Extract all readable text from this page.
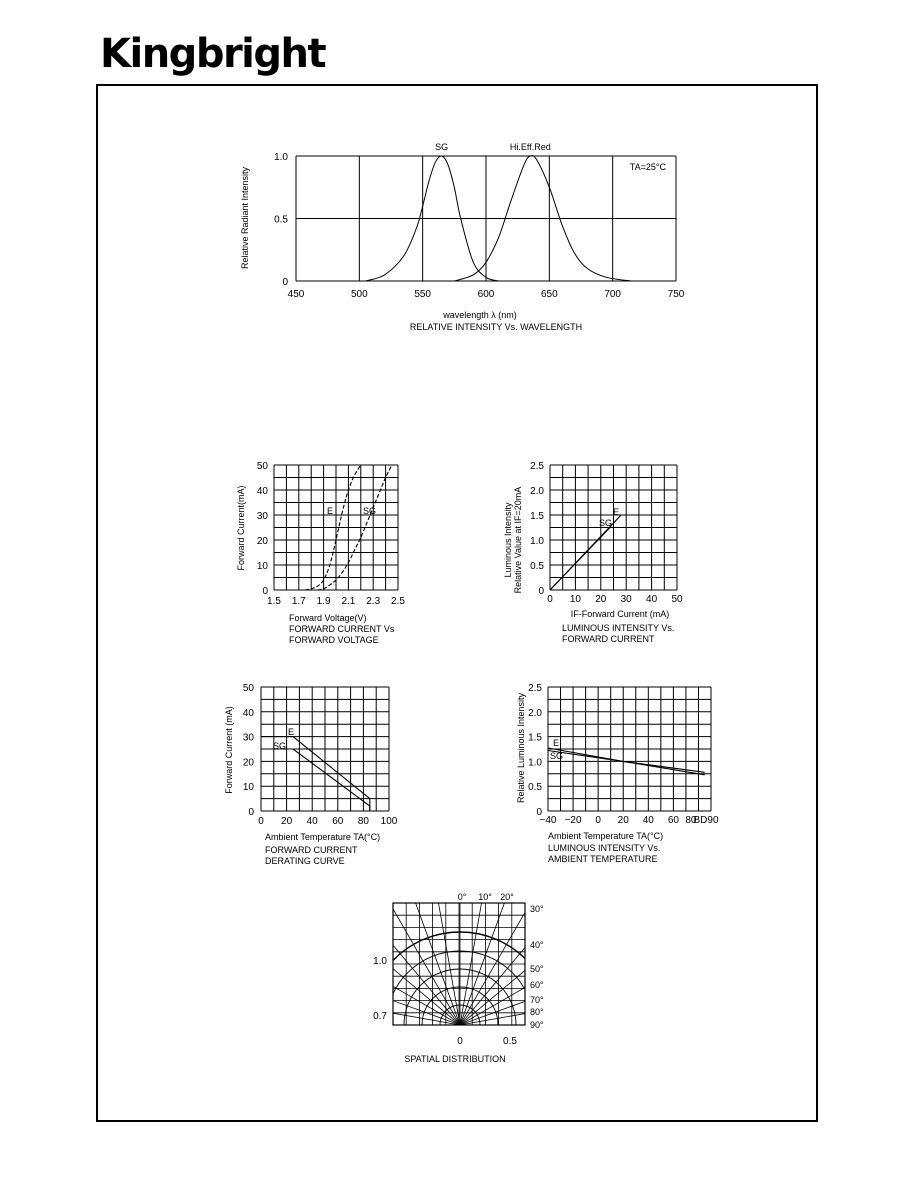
Kingbright
450	500	550	600	650	700	750
0
0.5
1.0
Relative Radiant Intensity
wavelength λ (nm)
RELATIVE INTENSITY Vs. WAVELENGTH
TA=25°C
SG	Hi.Eff.Red
1.5 1.7 1.9 2.1 2.3 2.5
0
10
20
30
40
50
Forward Current(mA)
Forward Voltage(V)
FORWARD CURRENT Vs
FORWARD VOLTAGE
E	SG
0 10 20 30 40 50
0
0.5
1.0
1.5
2.0
2.5
Luminous Intensity Relative Value at IF=20mA
IF-Forward Current (mA)
LUMINOUS INTENSITY Vs.
FORWARD CURRENT
E
SG
0 20 40 60 80 100
0
10
20
30
40
50
Forward Current (mA)
Ambient Temperature TA(°C)
FORWARD CURRENT
DERATING CURVE
E
SG
−40 −20 0 20 40 60 80
BD90
0
0.5
1.0
1.5
2.0
2.5
Relative Luminous Intensity
Ambient Temperature TA(°C)
LUMINOUS INTENSITY Vs.
AMBIENT TEMPERATURE
E
SG
0° 10° 20°
30°
40°
50°
60°
70°
80°
90°
1.0
0.7
0	0.5
SPATIAL DISTRIBUTION
